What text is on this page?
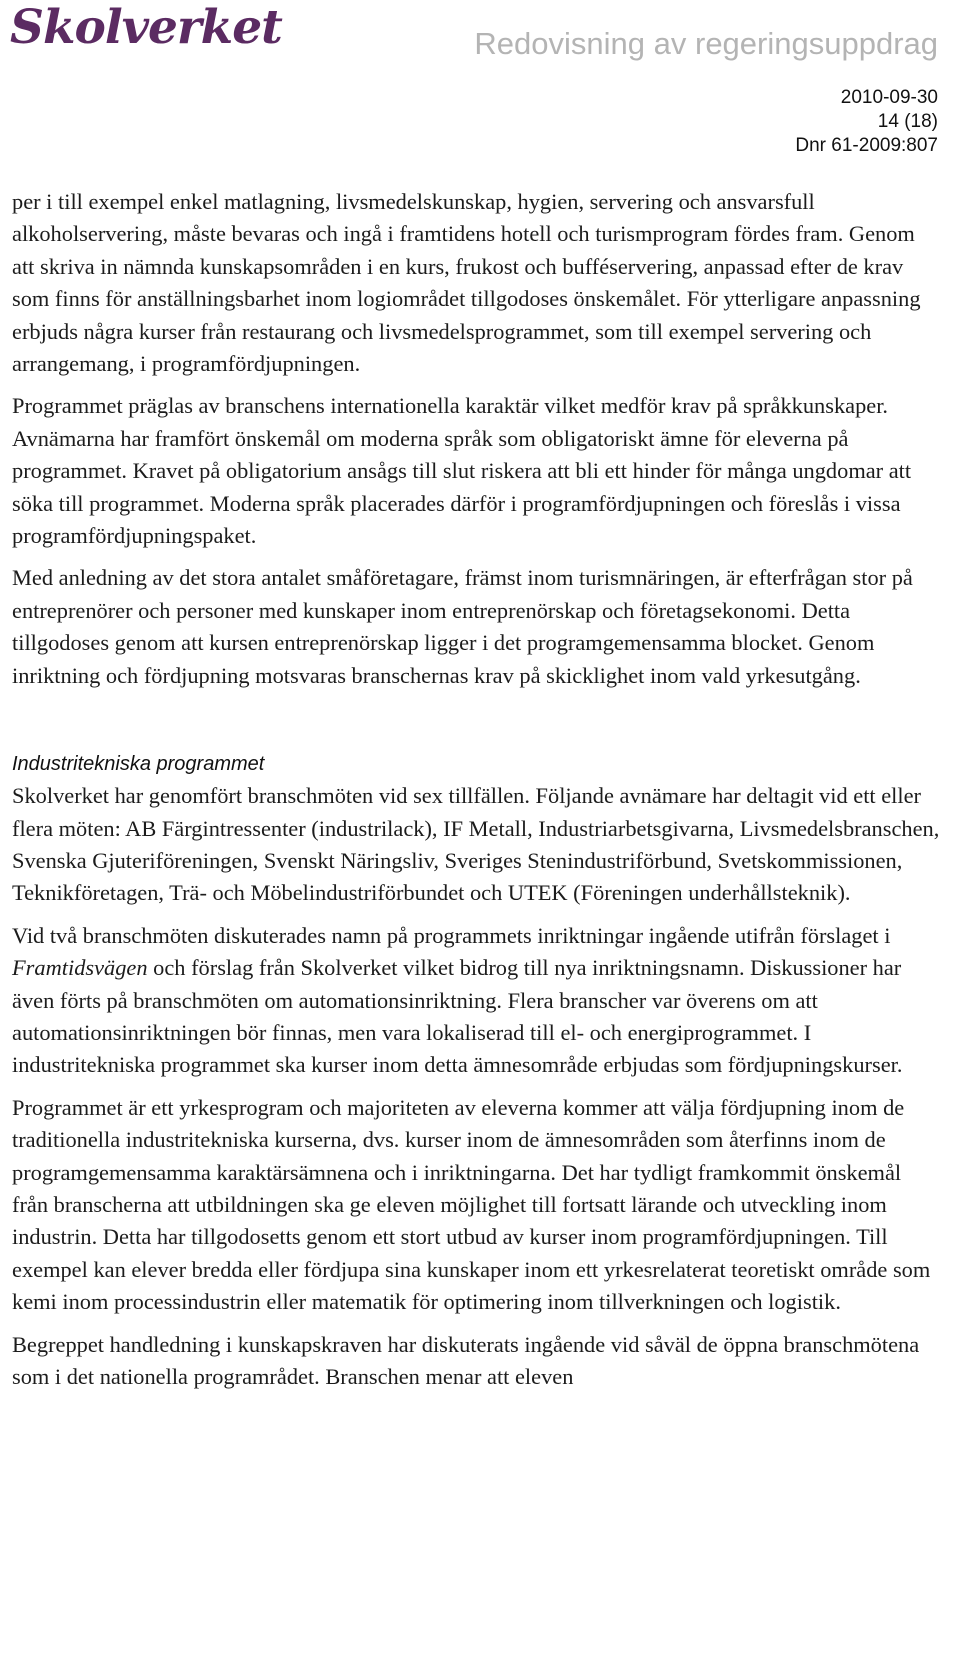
Skolverket	Redovisning av regeringsuppdrag
2010-09-30
14 (18)
Dnr 61-2009:807

per i till exempel enkel matlagning, livsmedelskunskap, hygien, servering och ansvarsfull alkoholservering, måste bevaras och ingå i framtidens hotell och turismprogram fördes fram. Genom att skriva in nämnda kunskapsområden i en kurs, frukost och bufféservering, anpassad efter de krav som finns för anställningsbarhet inom logiområdet tillgodoses önskemålet. För ytterligare anpassning erbjuds några kurser från restaurang och livsmedelsprogrammet, som till exempel servering och arrangemang, i programfördjupningen.

Programmet präglas av branschens internationella karaktär vilket medför krav på språkkunskaper. Avnämarna har framfört önskemål om moderna språk som obligatoriskt ämne för eleverna på programmet. Kravet på obligatorium ansågs till slut riskera att bli ett hinder för många ungdomar att söka till programmet. Moderna språk placerades därför i programfördjupningen och föreslås i vissa programfördjupningspaket.

Med anledning av det stora antalet småföretagare, främst inom turismnäringen, är efterfrågan stor på entreprenörer och personer med kunskaper inom entreprenörskap och företagsekonomi. Detta tillgodoses genom att kursen entreprenörskap ligger i det programgemensamma blocket. Genom inriktning och fördjupning motsvaras branschernas krav på skicklighet inom vald yrkesutgång.

Industritekniska programmet

Skolverket har genomfört branschmöten vid sex tillfällen. Följande avnämare har deltagit vid ett eller flera möten: AB Färgintressenter (industrilack), IF Metall, Industriarbetsgivarna, Livsmedelsbranschen, Svenska Gjuteriföreningen, Svenskt Näringsliv, Sveriges Stenindustriförbund, Svetskommissionen, Teknikföretagen, Trä- och Möbelindustriförbundet och UTEK (Föreningen underhållsteknik).

Vid två branschmöten diskuterades namn på programmets inriktningar ingående utifrån förslaget i Framtidsvägen och förslag från Skolverket vilket bidrog till nya inriktningsnamn. Diskussioner har även förts på branschmöten om automationsinriktning. Flera branscher var överens om att automationsinriktningen bör finnas, men vara lokaliserad till el- och energiprogrammet. I industritekniska programmet ska kurser inom detta ämnesområde erbjudas som fördjupningskurser.

Programmet är ett yrkesprogram och majoriteten av eleverna kommer att välja fördjupning inom de traditionella industritekniska kurserna, dvs. kurser inom de ämnesområden som återfinns inom de programgemensamma karaktärsämnena och i inriktningarna. Det har tydligt framkommit önskemål från branscherna att utbildningen ska ge eleven möjlighet till fortsatt lärande och utveckling inom industrin. Detta har tillgodosetts genom ett stort utbud av kurser inom programfördjupningen. Till exempel kan elever bredda eller fördjupa sina kunskaper inom ett yrkesrelaterat teoretiskt område som kemi inom processindustrin eller matematik för optimering inom tillverkningen och logistik.

Begreppet handledning i kunskapskraven har diskuterats ingående vid såväl de öppna branschmötena som i det nationella programrådet. Branschen menar att eleven
